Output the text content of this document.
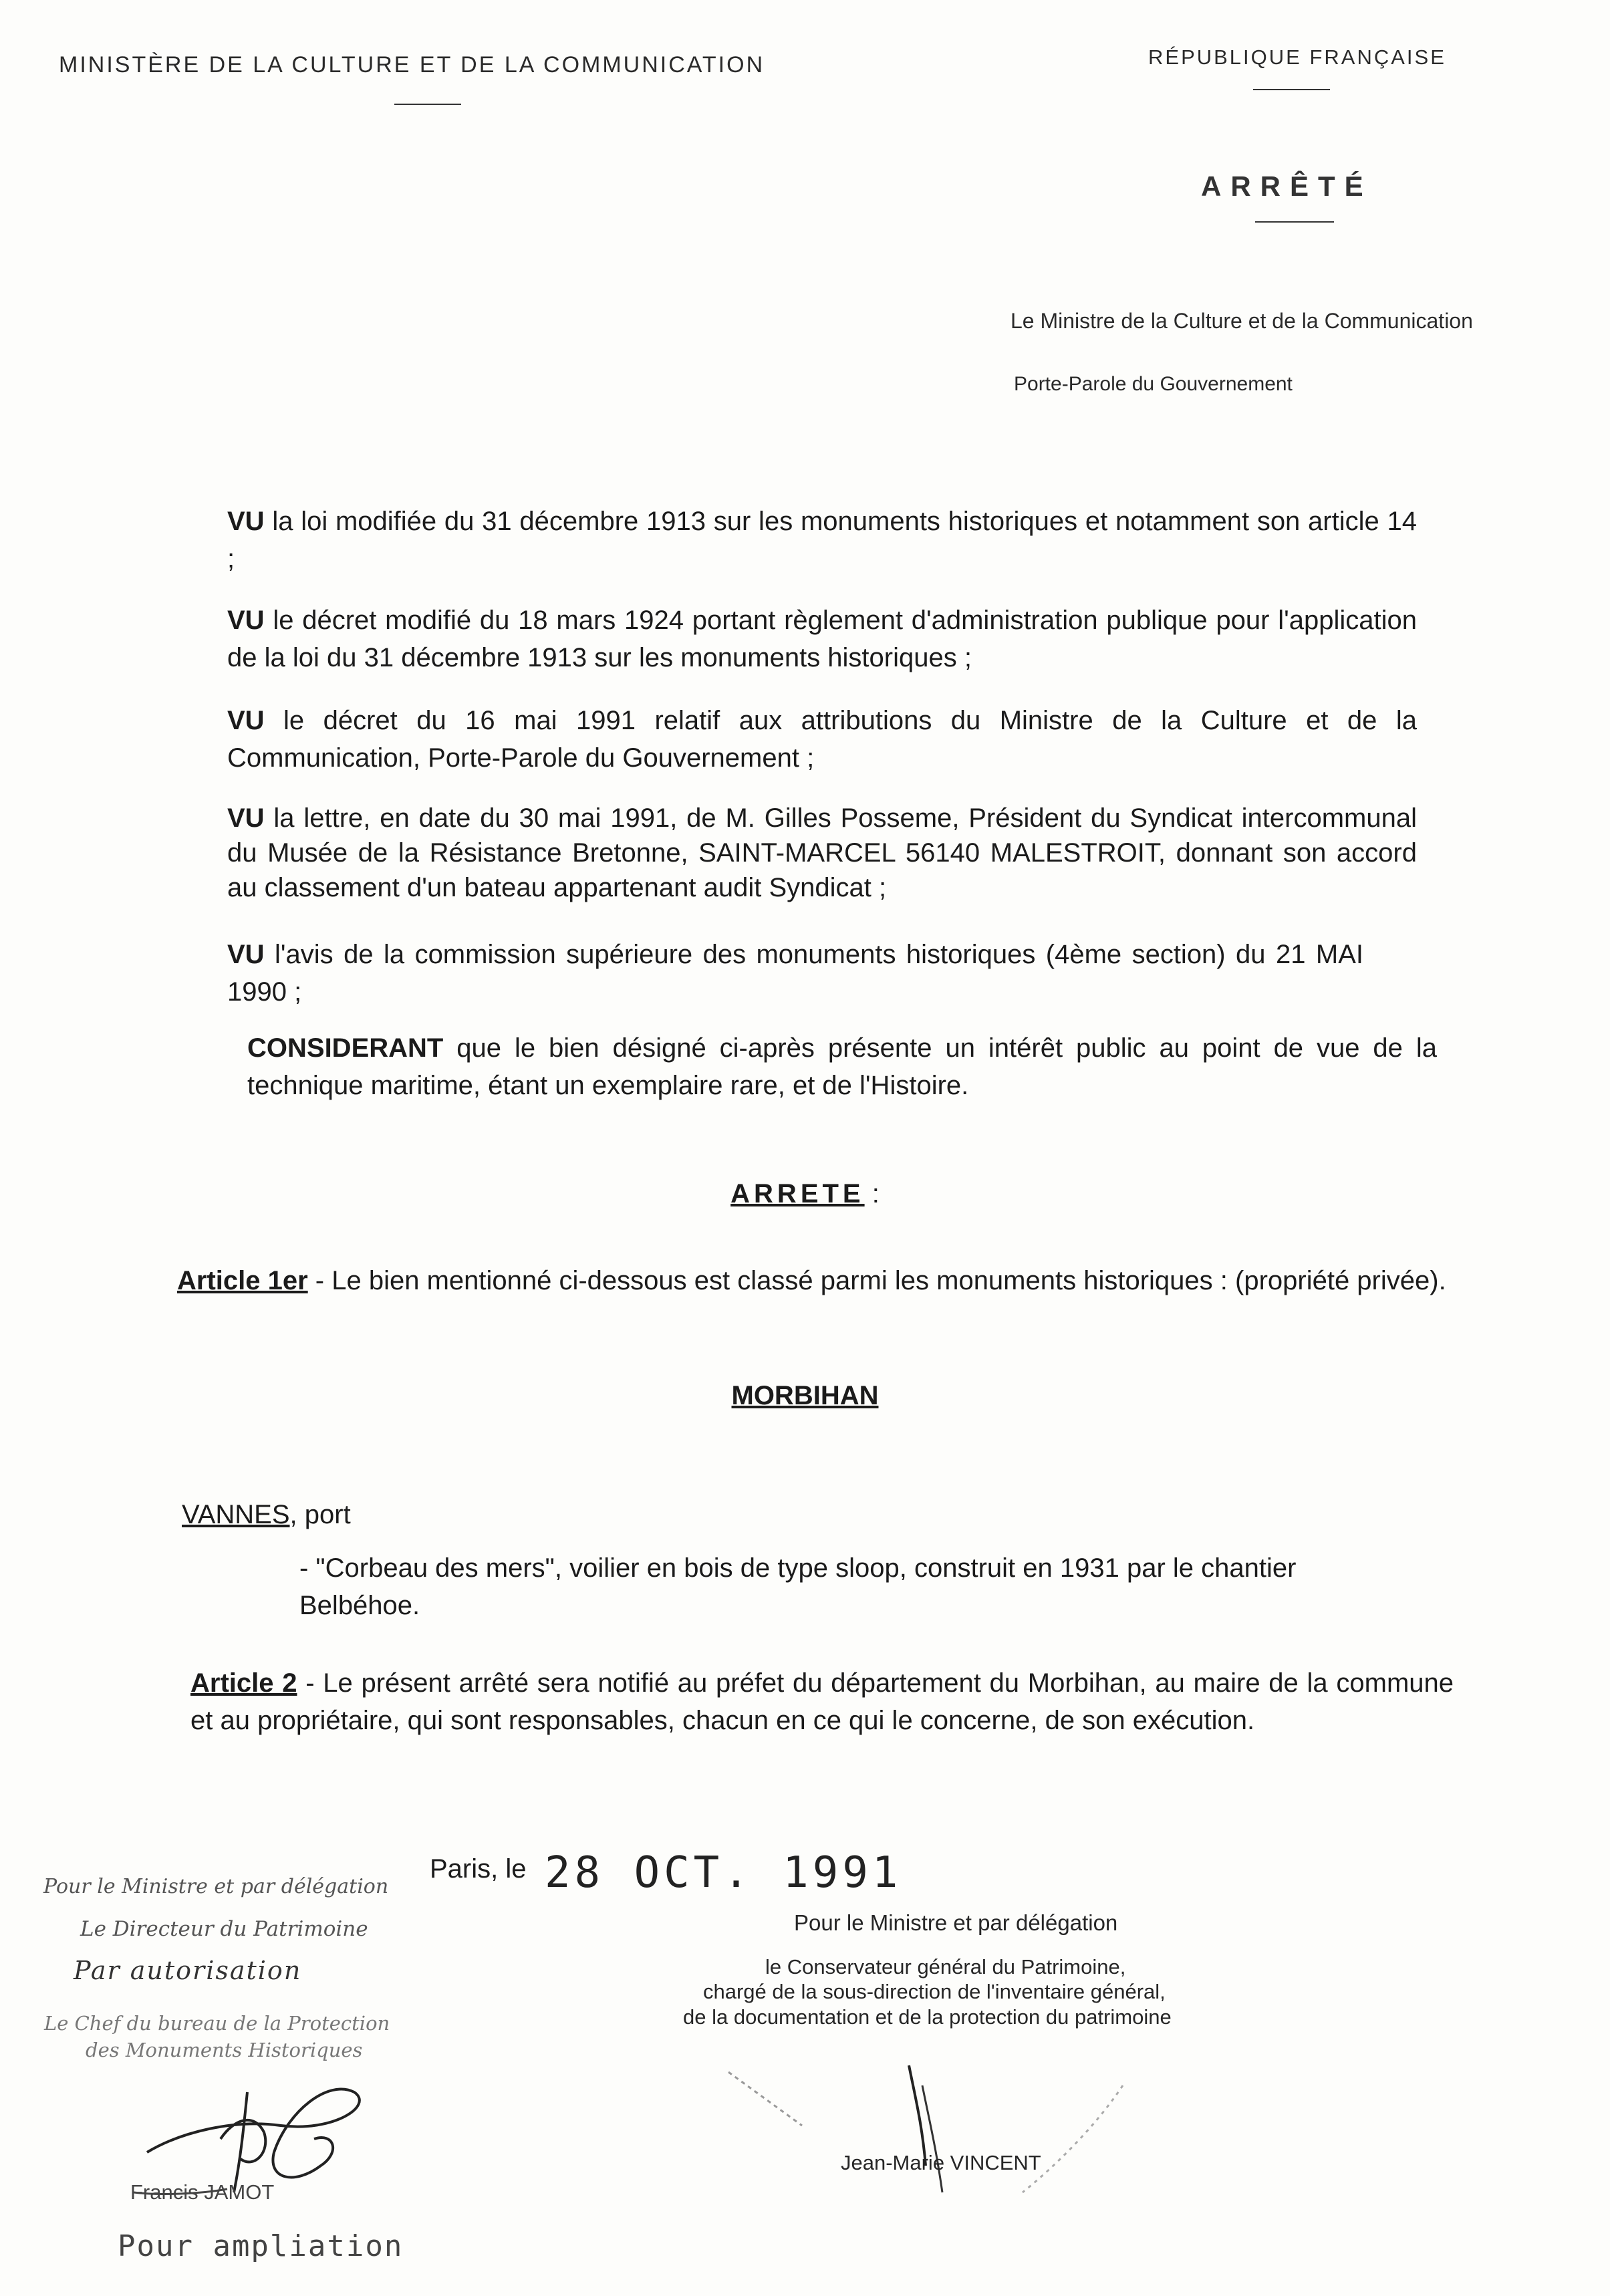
MINISTÈRE DE LA CULTURE ET DE LA COMMUNICATION	RÉPUBLIQUE FRANÇAISE
ARRÊTÉ
Le Ministre de la Culture et de la Communication
Porte-Parole du Gouvernement
VU la loi modifiée du 31 décembre 1913 sur les monuments historiques et notamment son article 14 ;
VU le décret modifié du 18 mars 1924 portant règlement d'administration publique pour l'application de la loi du 31 décembre 1913 sur les monuments historiques ;
VU le décret du 16 mai 1991 relatif aux attributions du Ministre de la Culture et de la Communication, Porte-Parole du Gouvernement ;
VU la lettre, en date du 30 mai 1991, de M. Gilles Posseme, Président du Syndicat intercommunal du Musée de la Résistance Bretonne, SAINT-MARCEL 56140 MALESTROIT, donnant son accord au classement d'un bateau appartenant audit Syndicat ;
VU l'avis de la commission supérieure des monuments historiques (4ème section) du 21 MAI 1990 ;
CONSIDERANT que le bien désigné ci-après présente un intérêt public au point de vue de la technique maritime, étant un exemplaire rare, et de l'Histoire.
ARRETE :
Article 1er - Le bien mentionné ci-dessous est classé parmi les monuments historiques : (propriété privée).
MORBIHAN
VANNES, port
- "Corbeau des mers", voilier en bois de type sloop, construit en 1931 par le chantier Belbéhoe.
Article 2 - Le présent arrêté sera notifié au préfet du département du Morbihan, au maire de la commune et au propriétaire, qui sont responsables, chacun en ce qui le concerne, de son exécution.
Paris, le 28 OCT. 1991
Pour le Ministre et par délégation
Le Directeur du Patrimoine
Par autorisation
Le Chef du bureau de la Protection
des Monuments Historiques
Francis JAMOT
Pour ampliation
Pour le Ministre et par délégation
le Conservateur général du Patrimoine,
chargé de la sous-direction de l'inventaire général,
de la documentation et de la protection du patrimoine
Jean-Marie VINCENT
